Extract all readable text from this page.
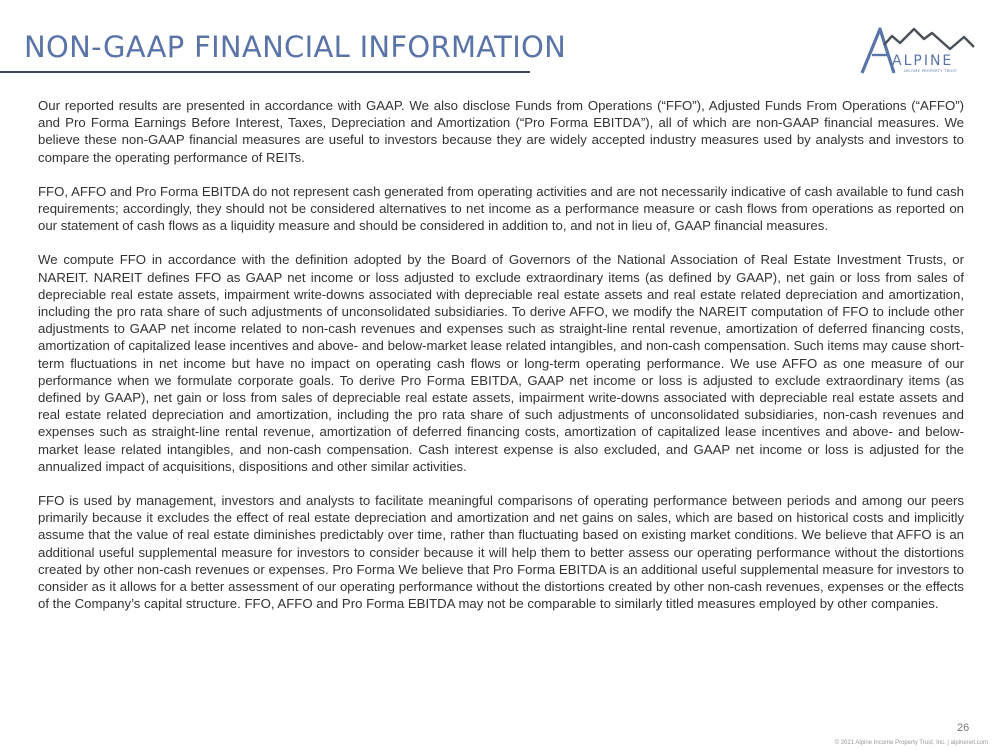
NON-GAAP FINANCIAL INFORMATION	ALPINE
INCOME PROPERTY TRUST

Our reported results are presented in accordance with GAAP. We also disclose Funds from Operations (“FFO”), Adjusted Funds From Operations (“AFFO”) and Pro Forma Earnings Before Interest, Taxes, Depreciation and Amortization (“Pro Forma EBITDA”), all of which are non-GAAP financial measures. We believe these non-GAAP financial measures are useful to investors because they are widely accepted industry measures used by analysts and investors to compare the operating performance of REITs.

FFO, AFFO and Pro Forma EBITDA do not represent cash generated from operating activities and are not necessarily indicative of cash available to fund cash requirements; accordingly, they should not be considered alternatives to net income as a performance measure or cash flows from operations as reported on our statement of cash flows as a liquidity measure and should be considered in addition to, and not in lieu of, GAAP financial measures.

We compute FFO in accordance with the definition adopted by the Board of Governors of the National Association of Real Estate Investment Trusts, or NAREIT. NAREIT defines FFO as GAAP net income or loss adjusted to exclude extraordinary items (as defined by GAAP), net gain or loss from sales of depreciable real estate assets, impairment write-downs associated with depreciable real estate assets and real estate related depreciation and amortization, including the pro rata share of such adjustments of unconsolidated subsidiaries. To derive AFFO, we modify the NAREIT computation of FFO to include other adjustments to GAAP net income related to non-cash revenues and expenses such as straight-line rental revenue, amortization of deferred financing costs, amortization of capitalized lease incentives and above- and below-market lease related intangibles, and non-cash compensation. Such items may cause short-term fluctuations in net income but have no impact on operating cash flows or long-term operating performance. We use AFFO as one measure of our performance when we formulate corporate goals. To derive Pro Forma EBITDA, GAAP net income or loss is adjusted to exclude extraordinary items (as defined by GAAP), net gain or loss from sales of depreciable real estate assets, impairment write-downs associated with depreciable real estate assets and real estate related depreciation and amortization, including the pro rata share of such adjustments of unconsolidated subsidiaries, non-cash revenues and expenses such as straight-line rental revenue, amortization of deferred financing costs, amortization of capitalized lease incentives and above- and below-market lease related intangibles, and non-cash compensation. Cash interest expense is also excluded, and GAAP net income or loss is adjusted for the annualized impact of acquisitions, dispositions and other similar activities.

FFO is used by management, investors and analysts to facilitate meaningful comparisons of operating performance between periods and among our peers primarily because it excludes the effect of real estate depreciation and amortization and net gains on sales, which are based on historical costs and implicitly assume that the value of real estate diminishes predictably over time, rather than fluctuating based on existing market conditions. We believe that AFFO is an additional useful supplemental measure for investors to consider because it will help them to better assess our operating performance without the distortions created by other non-cash revenues or expenses. Pro Forma We believe that Pro Forma EBITDA is an additional useful supplemental measure for investors to consider as it allows for a better assessment of our operating performance without the distortions created by other non-cash revenues, expenses or the effects of the Company’s capital structure. FFO, AFFO and Pro Forma EBITDA may not be comparable to similarly titled measures employed by other companies.

26
© 2021 Alpine Income Property Trust, Inc. | alpinereit.com
